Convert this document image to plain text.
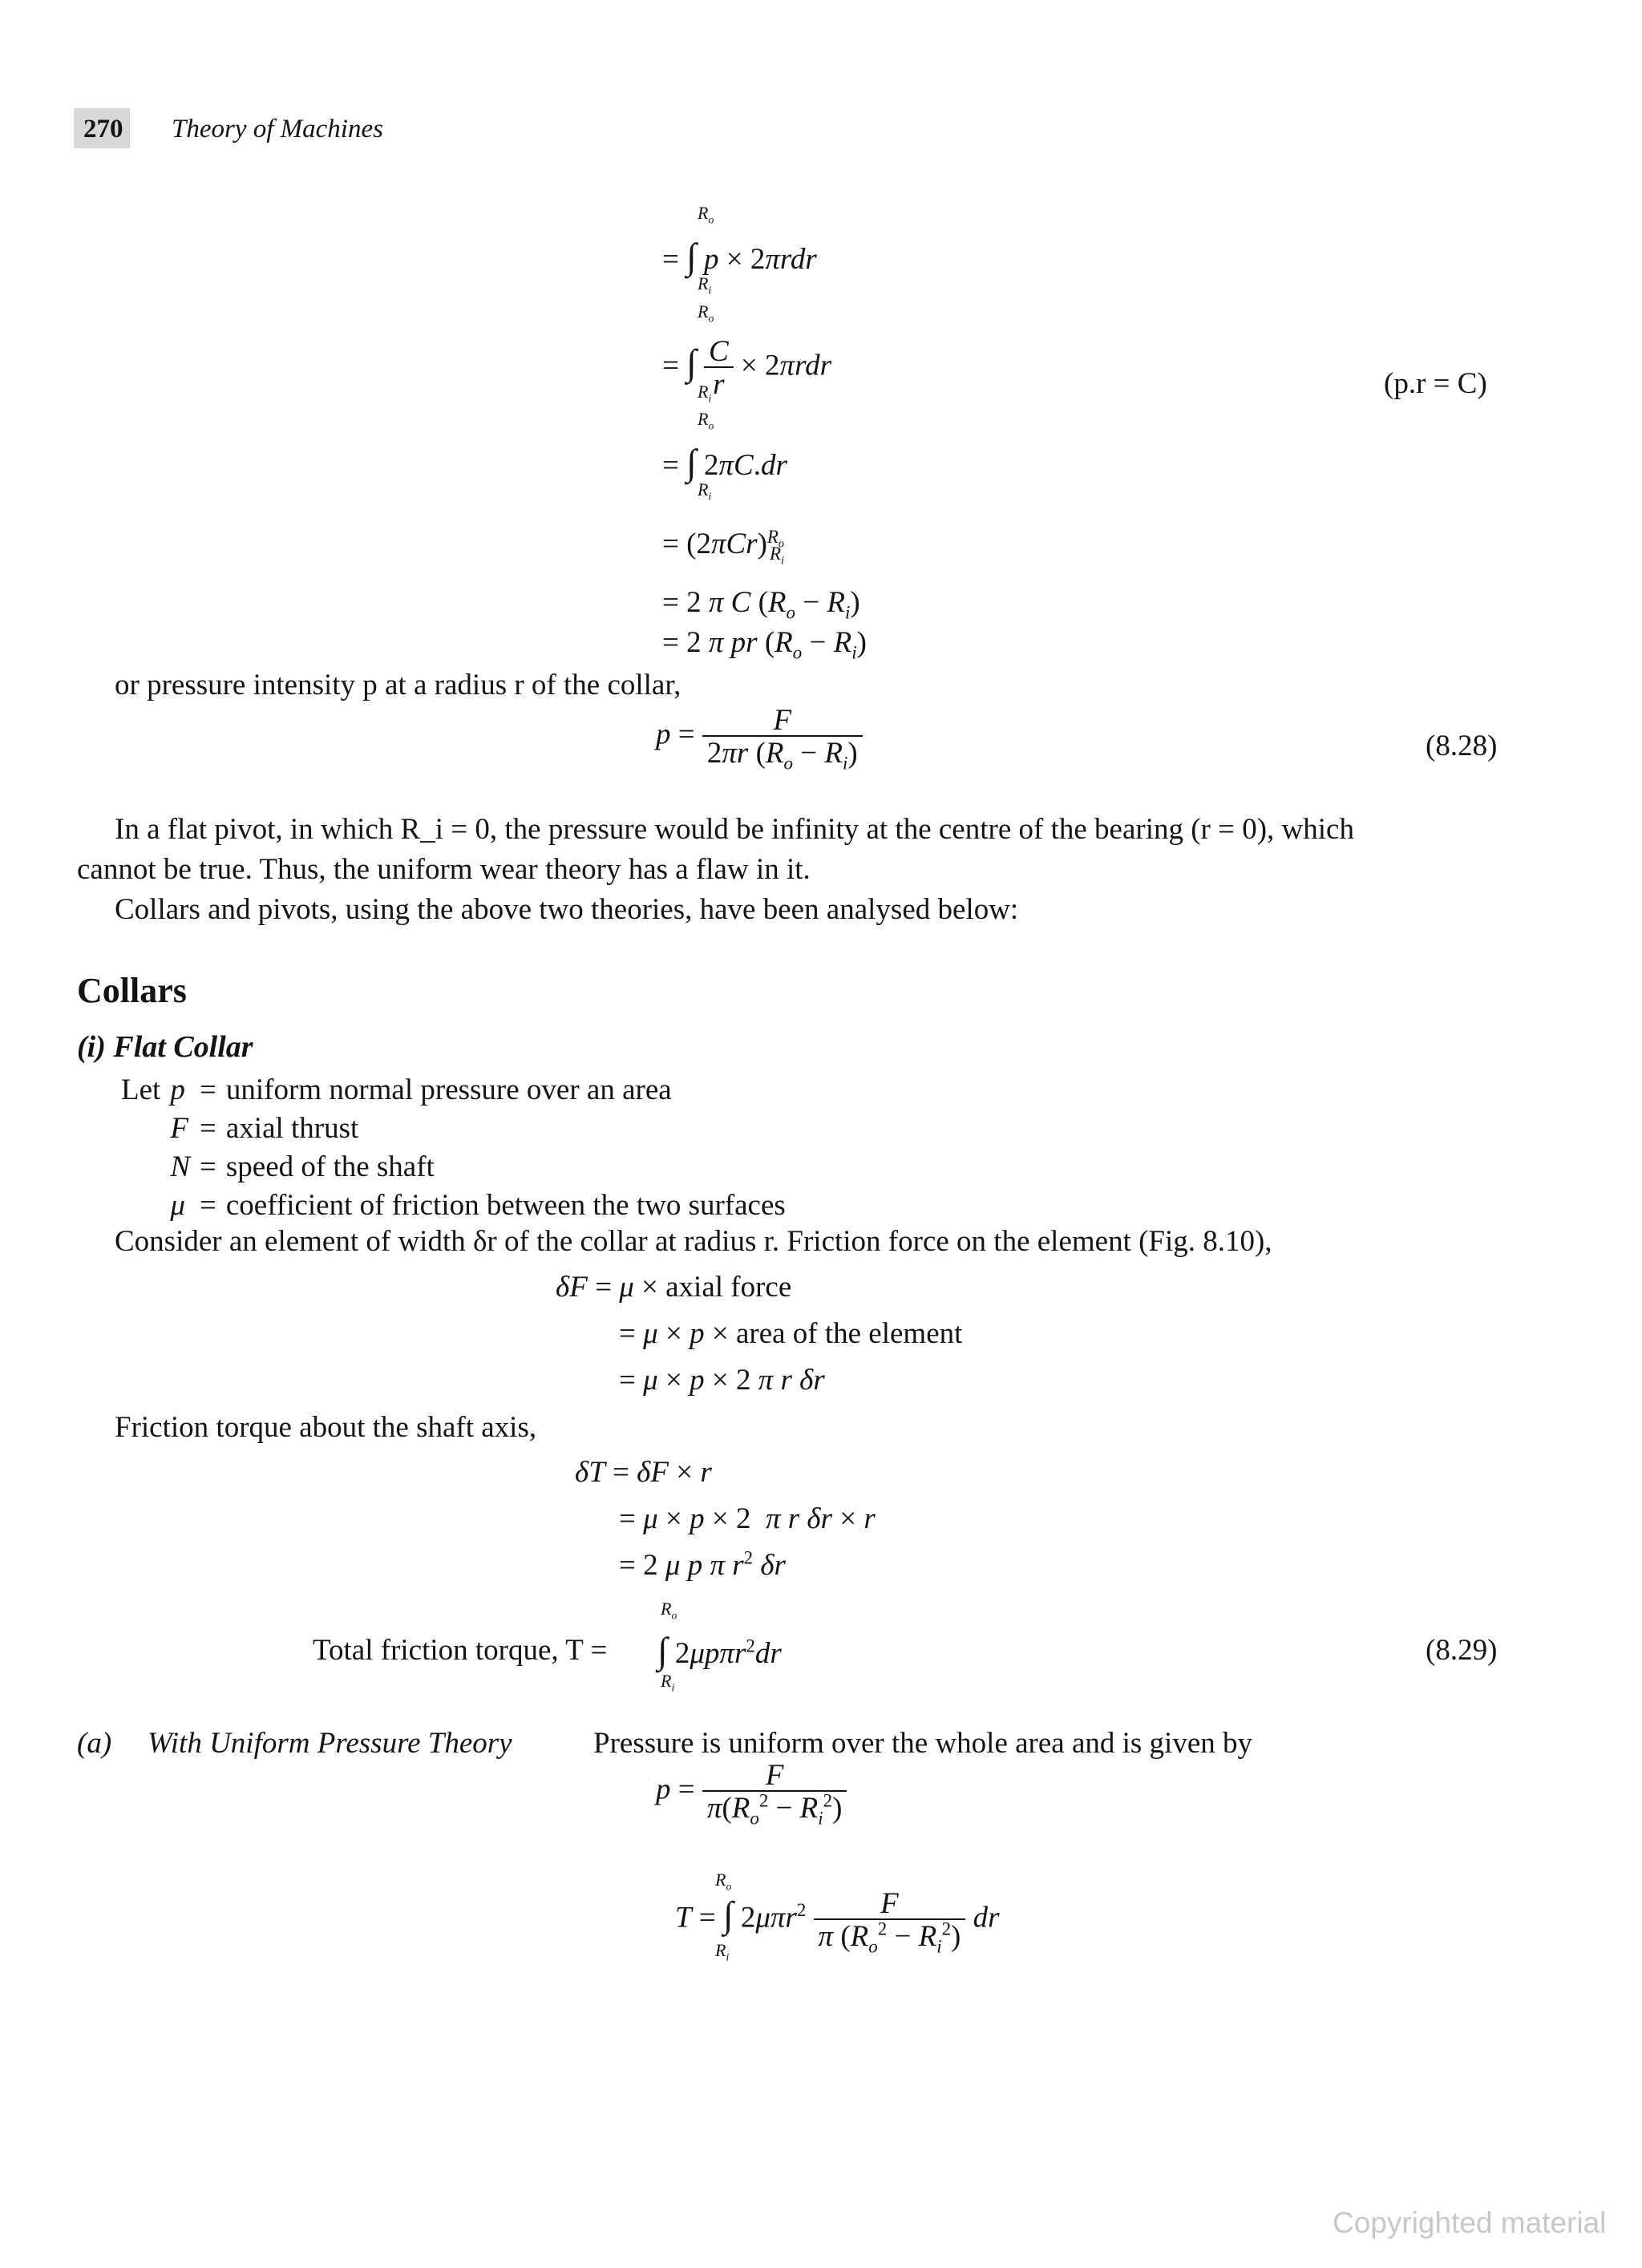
270 Theory of Machines
= ∫ p × 2πrdr
$R_o$
$R_i$
= ∫ $\frac{C}{r} \times 2\pi rdr$
$R_o$
$R_i$	(p.r = C)
= ∫ 2πC.dr
$R_o$
$R_i$
= $(2\pi Cr)^{R_o}_{R_i}$
= 2 π C $(R_o - R_i)$
= 2 π pr $(R_o - R_i)$
or pressure intensity p at a radius r of the collar,
$p = \frac{F}{2\pi r (R_o - R_i)}$	(8.28)
In a flat pivot, in which R_i = 0, the pressure would be infinity at the centre of the bearing (r = 0), which
cannot be true. Thus, the uniform wear theory has a flaw in it.
Collars and pivots, using the above two theories, have been analysed below:
Collars
(i) Flat Collar
Let	p	=	uniform normal pressure over an area
	F	=	axial thrust
	N	=	speed of the shaft
	μ	=	coefficient of friction between the two surfaces
Consider an element of width δr of the collar at radius r. Friction force on the element (Fig. 8.10),
δF = μ × axial force
= μ × p × area of the element
= μ × p × 2 π r δr
Friction torque about the shaft axis,
δT = δF × r
= μ × p × 2  π r δr × r
= 2 μ p π $r^2$ δr
Total friction torque, T = ∫ 2μpπr$^2$dr
$R_o$
$R_i$
(8.29)
(a) With Uniform Pressure Theory	Pressure is uniform over the whole area and is given by
$p = \frac{F}{\pi(R_o^2 - R_i^2)}$
T = ∫ $2\mu\pi r^2 \frac{F}{\pi (R_o^2 - R_i^2)}$ dr
$R_o$
$R_i$
Copyrighted material
